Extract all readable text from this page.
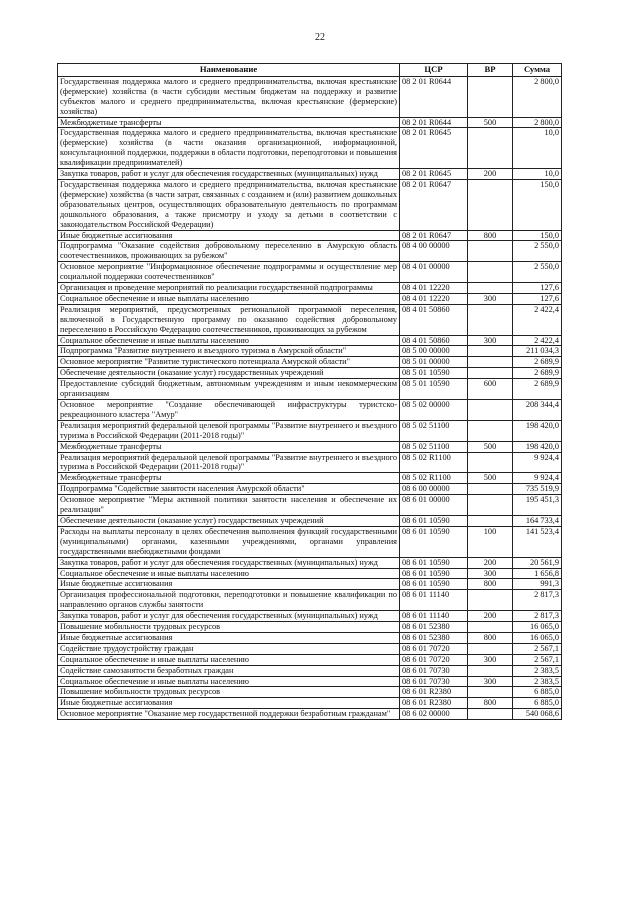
22
Наименование	ЦСР	ВР	Сумма
Государственная поддержка малого и среднего предпринимательства, включая крестьянские (фермерские) хозяйства (в части субсидии местным бюджетам на поддержку и развитие субъектов малого и среднего предпринимательства, включая крестьянские (фермерские) хозяйства)	08 2 01 R0644		2 800,0
Межбюджетные трансферты	08 2 01 R0644	500	2 800,0
Государственная поддержка малого и среднего предпринимательства, включая крестьянские (фермерские) хозяйства (в части оказания организационной, информационной, консультационной поддержки, поддержки в области подготовки, переподготовки и повышения квалификации предпринимателей)	08 2 01 R0645		10,0
Закупка товаров, работ и услуг для обеспечения государственных (муниципальных) нужд	08 2 01 R0645	200	10,0
Государственная поддержка малого и среднего предпринимательства, включая крестьянские (фермерские) хозяйства (в части затрат, связанных с созданием и (или) развитием дошкольных образовательных центров, осуществляющих образовательную деятельность по программам дошкольного образования, а также присмотру и уходу за детьми в соответствии с законодательством Российской Федерации)	08 2 01 R0647		150,0
Иные бюджетные ассигнования	08 2 01 R0647	800	150,0
Подпрограмма "Оказание содействия добровольному переселению в Амурскую область соотечественников, проживающих за рубежом"	08 4 00 00000		2 550,0
Основное мероприятие "Информационное обеспечение подпрограммы и осуществление мер социальной поддержки соотечественников"	08 4 01 00000		2 550,0
Организация и проведение мероприятий по реализации государственной подпрограммы	08 4 01 12220		127,6
Социальное обеспечение и иные выплаты населению	08 4 01 12220	300	127,6
Реализация мероприятий, предусмотренных региональной программой переселения, включенной в Государственную программу по оказанию содействия добровольному переселению в Российскую Федерацию соотечественников, проживающих за рубежом	08 4 01 50860		2 422,4
Социальное обеспечение и иные выплаты населению	08 4 01 50860	300	2 422,4
Подпрограмма "Развитие внутреннего и въездного туризма в Амурской области"	08 5 00 00000		211 034,3
Основное мероприятие "Развитие туристического потенциала Амурской области"	08 5 01 00000		2 689,9
Обеспечение деятельности (оказание услуг) государственных учреждений	08 5 01 10590		2 689,9
Предоставление субсидий бюджетным, автономным учреждениям и иным некоммерческим организациям	08 5 01 10590	600	2 689,9
Основное мероприятие "Создание обеспечивающей инфраструктуры туристско-рекреационного кластера "Амур"	08 5 02 00000		208 344,4
Реализация мероприятий федеральной целевой программы "Развитие внутреннего и въездного туризма в Российской Федерации (2011-2018 годы)"	08 5 02 51100		198 420,0
Межбюджетные трансферты	08 5 02 51100	500	198 420,0
Реализация мероприятий федеральной целевой программы "Развитие внутреннего и въездного туризма в Российской Федерации (2011-2018 годы)"	08 5 02 R1100		9 924,4
Межбюджетные трансферты	08 5 02 R1100	500	9 924,4
Подпрограмма "Содействие занятости населения Амурской области"	08 6 00 00000		735 519,9
Основное мероприятие "Меры активной политики занятости населения и обеспечение их реализации"	08 6 01 00000		195 451,3
Обеспечение деятельности (оказание услуг) государственных учреждений	08 6 01 10590		164 733,4
Расходы на выплаты персоналу в целях обеспечения выполнения функций государственными (муниципальными) органами, казенными учреждениями, органами управления государственными внебюджетными фондами	08 6 01 10590	100	141 523,4
Закупка товаров, работ и услуг для обеспечения государственных (муниципальных) нужд	08 6 01 10590	200	20 561,9
Социальное обеспечение и иные выплаты населению	08 6 01 10590	300	1 656,8
Иные бюджетные ассигнования	08 6 01 10590	800	991,3
Организация профессиональной подготовки, переподготовки и повышение квалификации по направлению органов службы занятости	08 6 01 11140		2 817,3
Закупка товаров, работ и услуг для обеспечения государственных (муниципальных) нужд	08 6 01 11140	200	2 817,3
Повышение мобильности трудовых ресурсов	08 6 01 52380		16 065,0
Иные бюджетные ассигнования	08 6 01 52380	800	16 065,0
Содействие трудоустройству граждан	08 6 01 70720		2 567,1
Социальное обеспечение и иные выплаты населению	08 6 01 70720	300	2 567,1
Содействие самозанятости безработных граждан	08 6 01 70730		2 383,5
Социальное обеспечение и иные выплаты населению	08 6 01 70730	300	2 383,5
Повышение мобильности трудовых ресурсов	08 6 01 R2380		6 885,0
Иные бюджетные ассигнования	08 6 01 R2380	800	6 885,0
Основное мероприятие "Оказание мер государственной поддержки безработным гражданам"	08 6 02 00000		540 068,6
